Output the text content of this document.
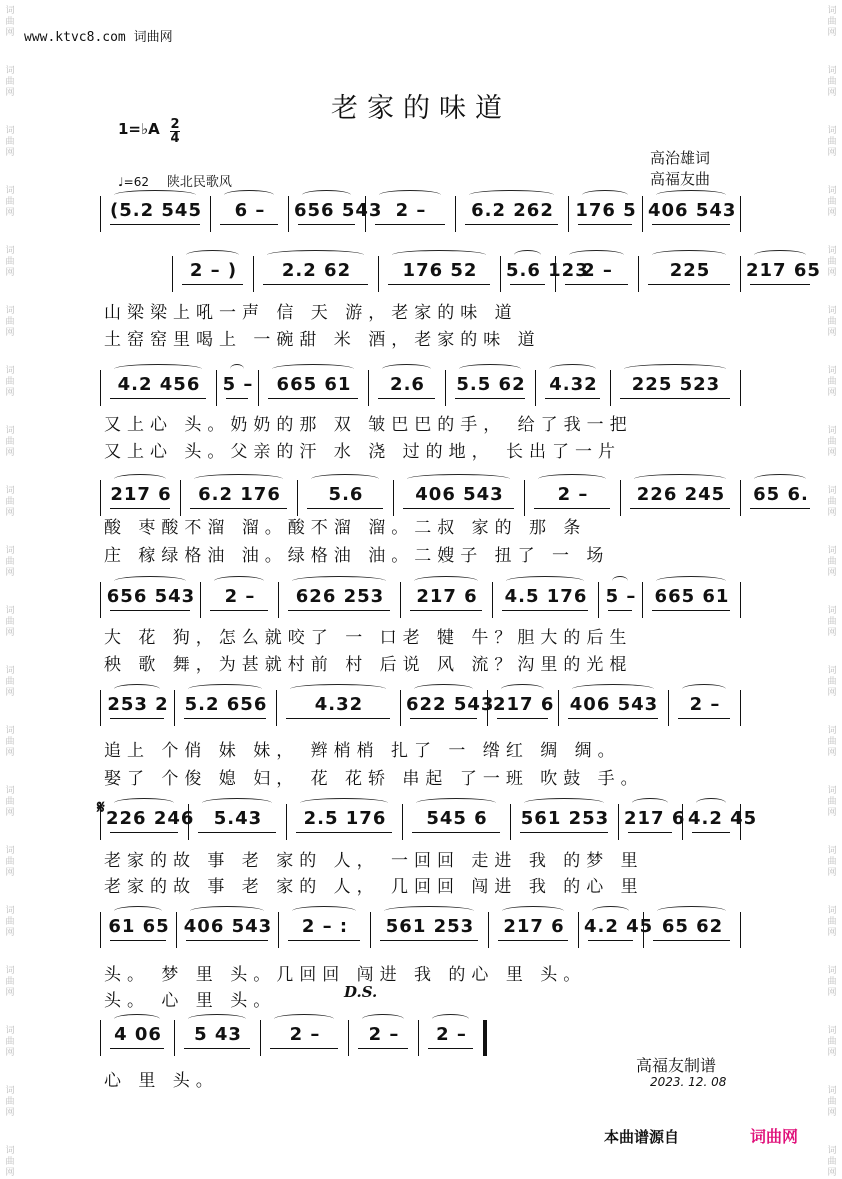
词
曲
网
词
曲
网
词
曲
网
词
曲
网
词
曲
网
词
曲
网
词
曲
网
词
曲
网
词
曲
网
词
曲
网
词
曲
网
词
曲
网
词
曲
网
词
曲
网
词
曲
网
词
曲
网
词
曲
网
词
曲
网
词
曲
网
词
曲
网
词
曲
网
词
曲
网
词
曲
网
词
曲
网
词
曲
网
词
曲
网
词
曲
网
词
曲
网
词
曲
网
词
曲
网
词
曲
网
词
曲
网
词
曲
网
词
曲
网
词
曲
网
词
曲
网
词
曲
网
词
曲
网
词
曲
网
词
曲
网
www.ktvc8.com 词曲网
老家的味道
1=♭A 2
4
♩=62 陕北民歌风
高治雄词
高福友曲
(5.2 545	6 –	656 543 2 –	6.2 262	176 5 406 543
2 – )	2.2 62	176 52	5.6 123
2 –	225	217 65
4.2 456	5 –	665 61	2.6	5.5 62	4.32	225 523
217 6	6.2 176	5.6	406 543	2 –	226 245	65 6.
656 543	2 –	626 253	217 6	4.5 176	5 –	665 61
253 2 5.2 656	4.32	622 543
217 6 406 543	2 –
226 246	5.43	2.5 176	545 6	561 253 217 6 4.2 45
61 65 406 543	2 – :	561 253	217 6	4.2 45 65 62
4 06	5 43	2 –	2 –	2 –
山梁梁上吼一声 信 天 游，老家的味 道
土窑窑里喝上 一碗甜 米 酒，老家的味 道
又上心 头。奶奶的那 双 皱巴巴的手， 给了我一把
又上心 头。父亲的汗 水 浇 过的地， 长出了一片
酸 枣酸不溜 溜。酸不溜 溜。二叔 家的 那 条
庄 稼绿格油 油。绿格油 油。二嫂子 扭了 一 场
大 花 狗，怎么就咬了 一 口老 犍 牛？胆大的后生
秧 歌 舞，为甚就村前 村 后说 风 流？沟里的光棍
追上 个俏 妹 妹， 辫梢梢 扎了 一 绺红 绸 绸。
娶了 个俊 媳 妇， 花 花轿 串起 了一班 吹鼓 手。
老家的故 事 老 家的 人， 一回回 走进 我 的梦 里
老家的故 事 老 家的 人， 几回回 闯进 我 的心 里
头。 梦 里 头。几回回 闯进 我 的心 里 头。
头。 心 里 头。
心 里 头。
𝄋
D.S.
高福友制谱
2023. 12. 08
本曲谱源自	词曲网
